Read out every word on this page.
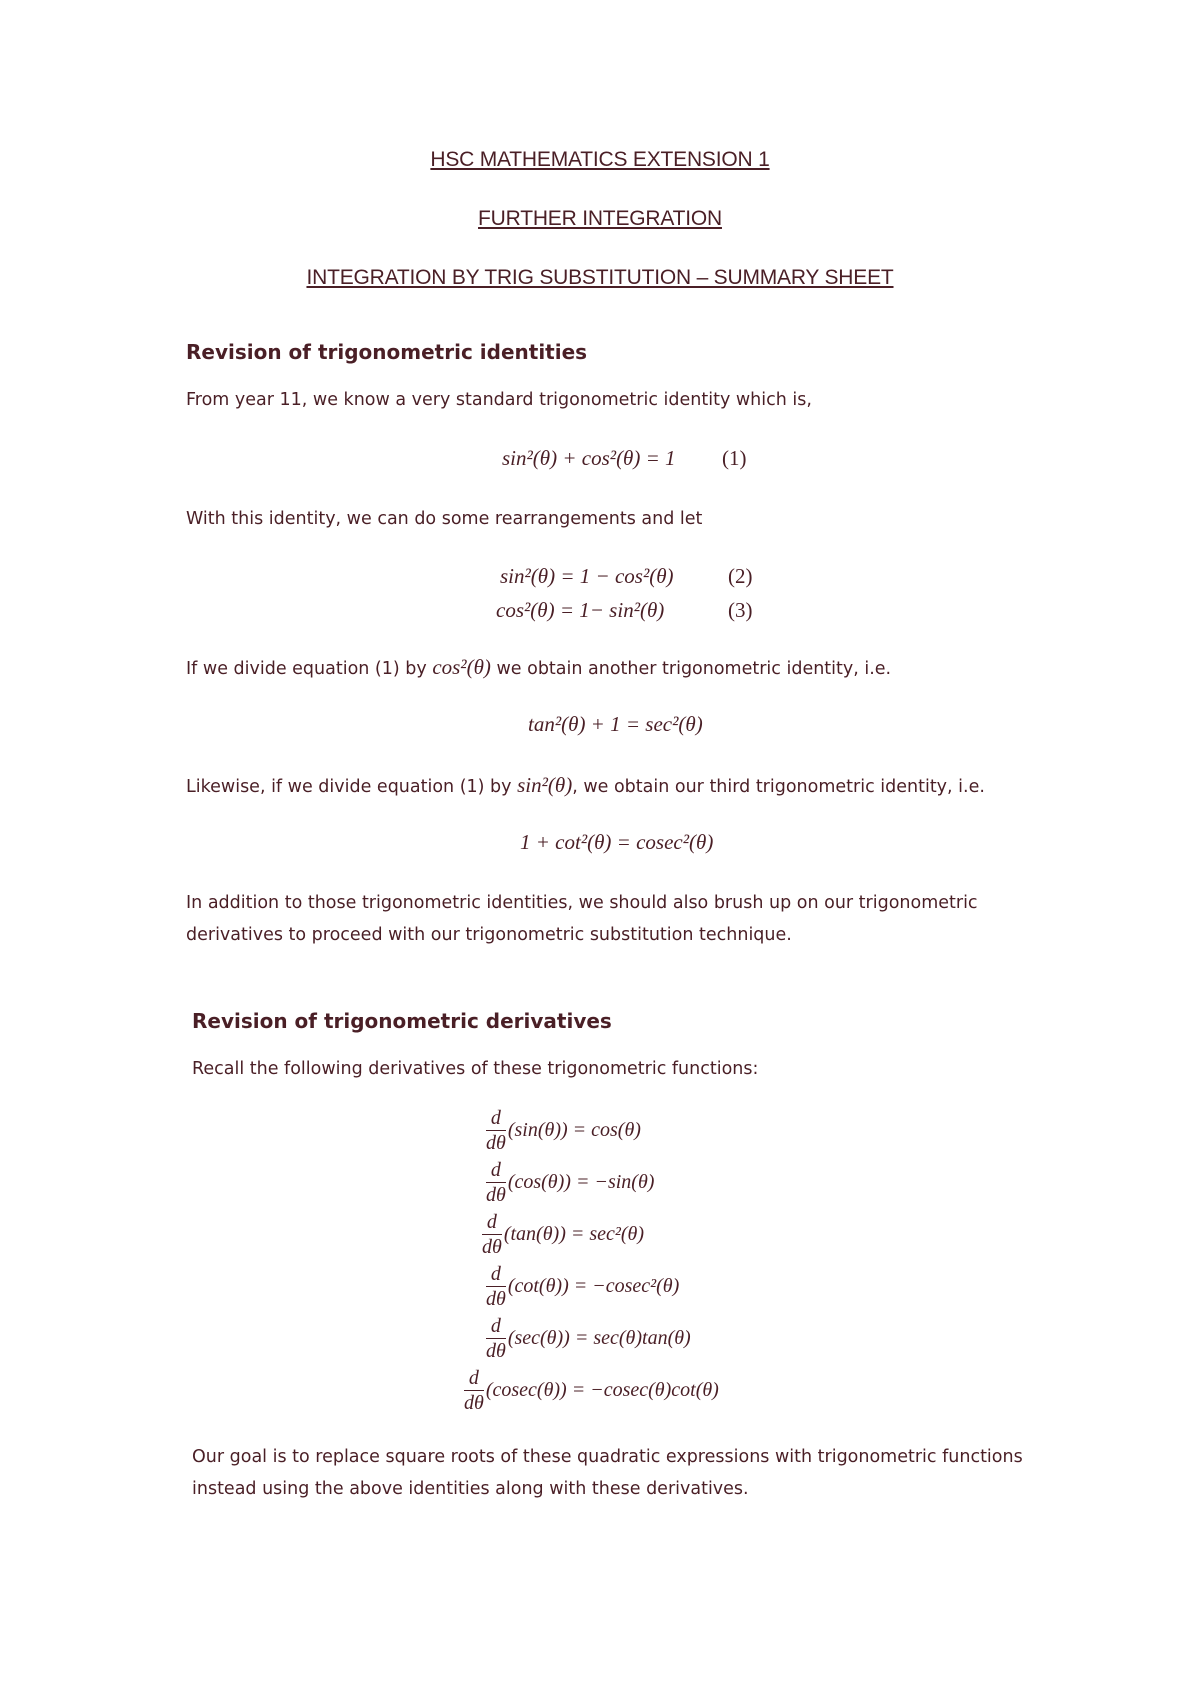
HSC MATHEMATICS EXTENSION 1
FURTHER INTEGRATION
INTEGRATION BY TRIG SUBSTITUTION – SUMMARY SHEET
Revision of trigonometric identities
From year 11, we know a very standard trigonometric identity which is,
sin²(θ) + cos²(θ) = 1 (1)
With this identity, we can do some rearrangements and let
sin²(θ) = 1 − cos²(θ)	(2)
cos²(θ) = 1− sin²(θ)	(3)
If we divide equation (1) by cos²(θ) we obtain another trigonometric identity, i.e.
tan²(θ) + 1 = sec²(θ)
Likewise, if we divide equation (1) by sin²(θ), we obtain our third trigonometric identity, i.e.
1 + cot²(θ) = cosec²(θ)
In addition to those trigonometric identities, we should also brush up on our trigonometric
derivatives to proceed with our trigonometric substitution technique.
Revision of trigonometric derivatives
Recall the following derivatives of these trigonometric functions:
$\frac{d}{d\theta} (\sin(\theta)) = \cos(\theta)$
$\frac{d}{d\theta} (\cos(\theta)) = -\sin(\theta)$
$\frac{d}{d\theta} (\tan(\theta)) = \sec^2(\theta)$
$\frac{d}{d\theta} (\cot(\theta)) = -cosec^2(\theta)$
$\frac{d}{d\theta} (\sec(\theta)) = \sec(\theta)\tan(\theta)$
$\frac{d}{d\theta} (cosec(\theta)) = -cosec(\theta)\cot(\theta)$
Our goal is to replace square roots of these quadratic expressions with trigonometric functions
instead using the above identities along with these derivatives.
